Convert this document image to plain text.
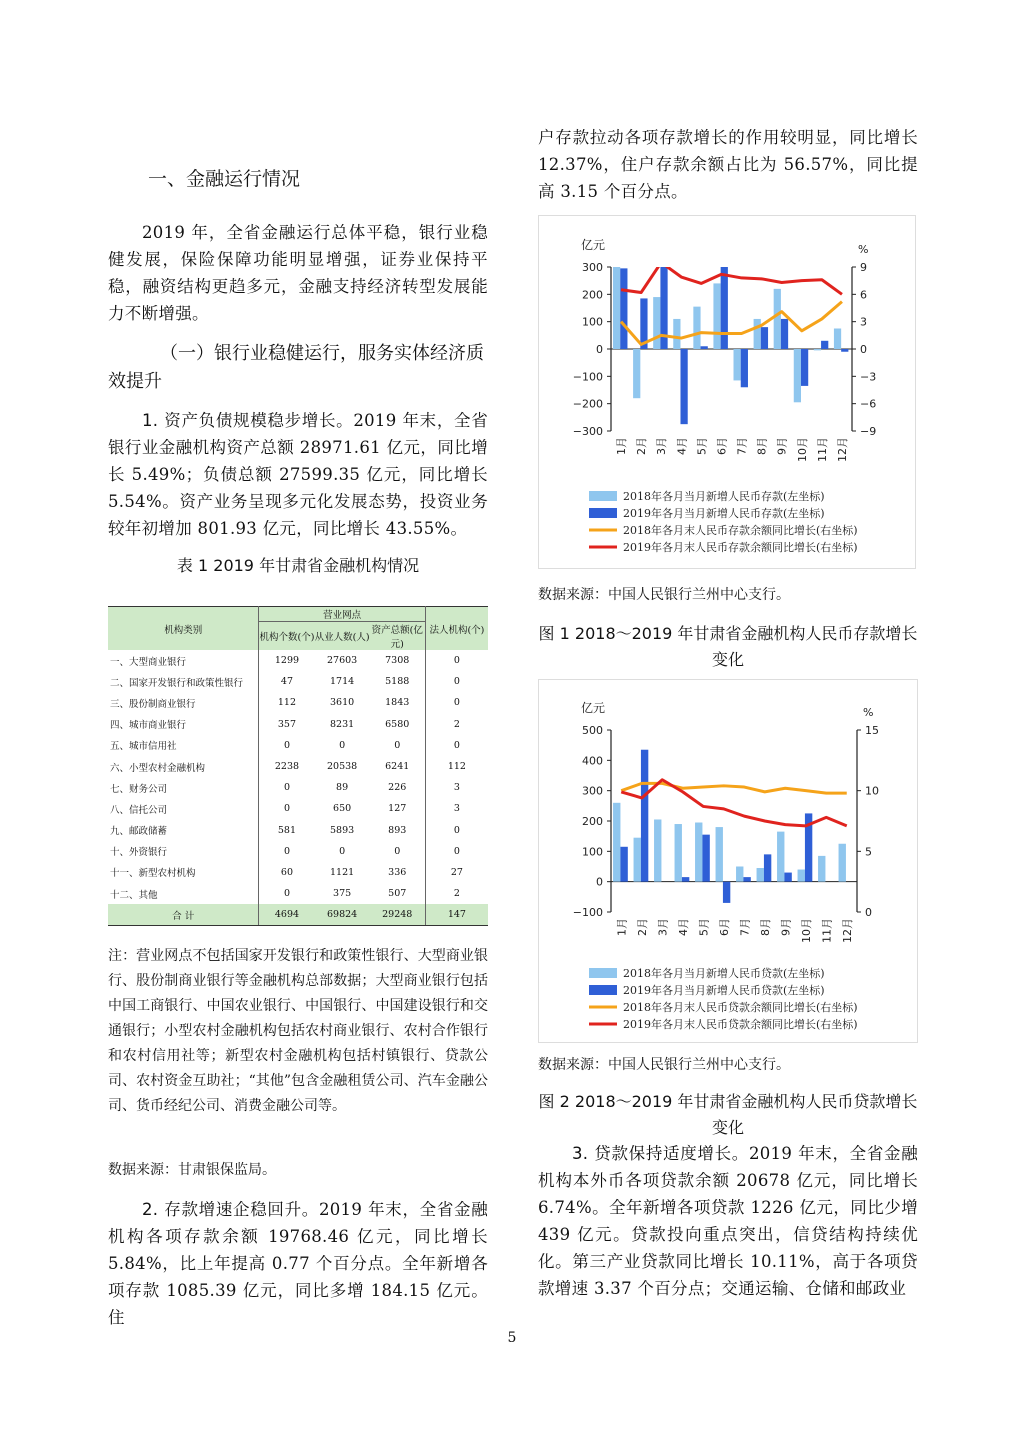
一、金融运行情况
2019 年，全省金融运行总体平稳，银行业稳健发展，保险保障功能明显增强，证券业保持平稳，融资结构更趋多元，金融支持经济转型发展能力不断增强。
（一）银行业稳健运行，服务实体经济质效提升
1. 资产负债规模稳步增长。2019 年末，全省银行业金融机构资产总额 28971.61 亿元，同比增长 5.49%；负债总额 27599.35 亿元，同比增长 5.54%。资产业务呈现多元化发展态势，投资业务较年初增加 801.93 亿元，同比增长 43.55%。
表 1 2019 年甘肃省金融机构情况
机构类别	营业网点			法人机构(个)
	机构个数(个)	从业人数(人)	资产总额(亿元)	
一、大型商业银行	1299	27603	7308	0
二、国家开发银行和政策性银行	47	1714	5188	0
三、股份制商业银行	112	3610	1843	0
四、城市商业银行	357	8231	6580	2
五、城市信用社	0	0	0	0
六、小型农村金融机构	2238	20538	6241	112
七、财务公司	0	89	226	3
八、信托公司	0	650	127	3
九、邮政储蓄	581	5893	893	0
十、外资银行	0	0	0	0
十一、新型农村机构	60	1121	336	27
十二、其他	0	375	507	2
合 计	4694	69824	29248	147
注：营业网点不包括国家开发银行和政策性银行、大型商业银行、股份制商业银行等金融机构总部数据；大型商业银行包括中国工商银行、中国农业银行、中国银行、中国建设银行和交通银行；小型农村金融机构包括农村商业银行、农村合作银行和农村信用社等；新型农村金融机构包括村镇银行、贷款公司、农村资金互助社；“其他”包含金融租赁公司、汽车金融公司、货币经纪公司、消费金融公司等。
数据来源：甘肃银保监局。
2. 存款增速企稳回升。2019 年末，全省金融机构各项存款余额 19768.46 亿元，同比增长 5.84%，比上年提高 0.77 个百分点。全年新增各项存款 1085.39 亿元，同比多增 184.15 亿元。住
户存款拉动各项存款增长的作用较明显，同比增长 12.37%，住户存款余额占比为 56.57%，同比提高 3.15 个百分点。
亿元	%
300
200
100
0
−100
−200
−300
9
6
3
0
−3
−6
−9
1月 2月 3月 4月 5月 6月 7月 8月 9月 10月 11月 12月
2018年各月当月新增人民币存款(左坐标)
2019年各月当月新增人民币存款(左坐标)
2018年各月末人民币存款余额同比增长(右坐标)
2019年各月末人民币存款余额同比增长(右坐标)
数据来源：中国人民银行兰州中心支行。
图 1 2018～2019 年甘肃省金融机构人民币存款增长变化
亿元	%
500
400
300
200
100
0
−100
15
10
5
0
1月 2月 3月 4月 5月 6月 7月 8月 9月 10月 11月 12月
2018年各月当月新增人民币贷款(左坐标)
2019年各月当月新增人民币贷款(左坐标)
2018年各月末人民币贷款余额同比增长(右坐标)
2019年各月末人民币贷款余额同比增长(右坐标)
数据来源：中国人民银行兰州中心支行。
图 2 2018～2019 年甘肃省金融机构人民币贷款增长变化
3. 贷款保持适度增长。2019 年末，全省金融机构本外币各项贷款余额 20678 亿元，同比增长 6.74%。全年新增各项贷款 1226 亿元，同比少增 439 亿元。贷款投向重点突出，信贷结构持续优化。第三产业贷款同比增长 10.11%，高于各项贷款增速 3.37 个百分点；交通运输、仓储和邮政业
5
